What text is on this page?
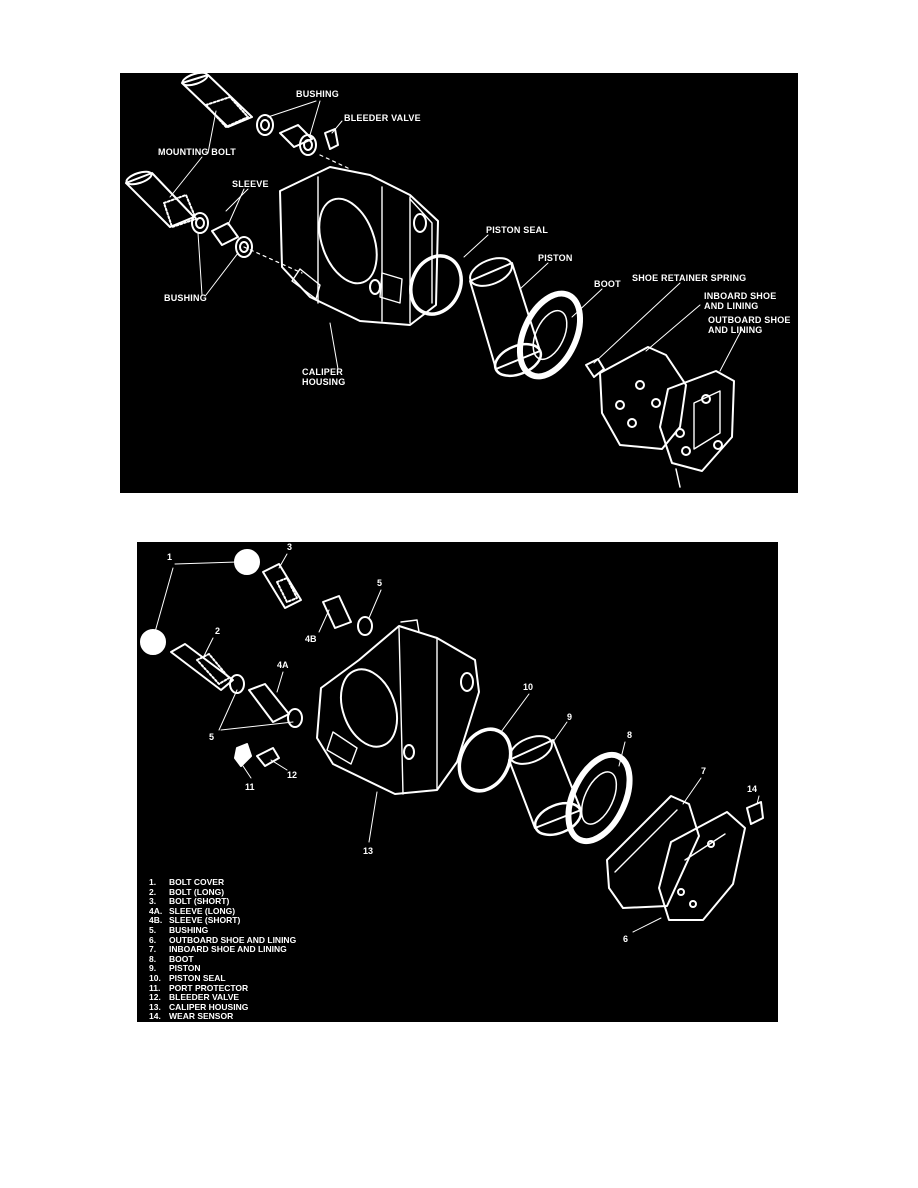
BUSHING
BLEEDER VALVE
MOUNTING BOLT
SLEEVE
PISTON SEAL
PISTON
BOOT
SHOE RETAINER SPRING
INBOARD SHOE
AND LINING
OUTBOARD SHOE
AND LINING
BUSHING
CALIPER
HOUSING
1
2
3
4A
4B
5
5
6
7
8
9
10
11
12
13
14
1. BOLT COVER
2. BOLT (LONG)
3. BOLT (SHORT)
4A. SLEEVE (LONG)
4B. SLEEVE (SHORT)
5. BUSHING
6. OUTBOARD SHOE AND LINING
7. INBOARD SHOE AND LINING
8. BOOT
9. PISTON
10. PISTON SEAL
11. PORT PROTECTOR
12. BLEEDER VALVE
13. CALIPER HOUSING
14. WEAR SENSOR
